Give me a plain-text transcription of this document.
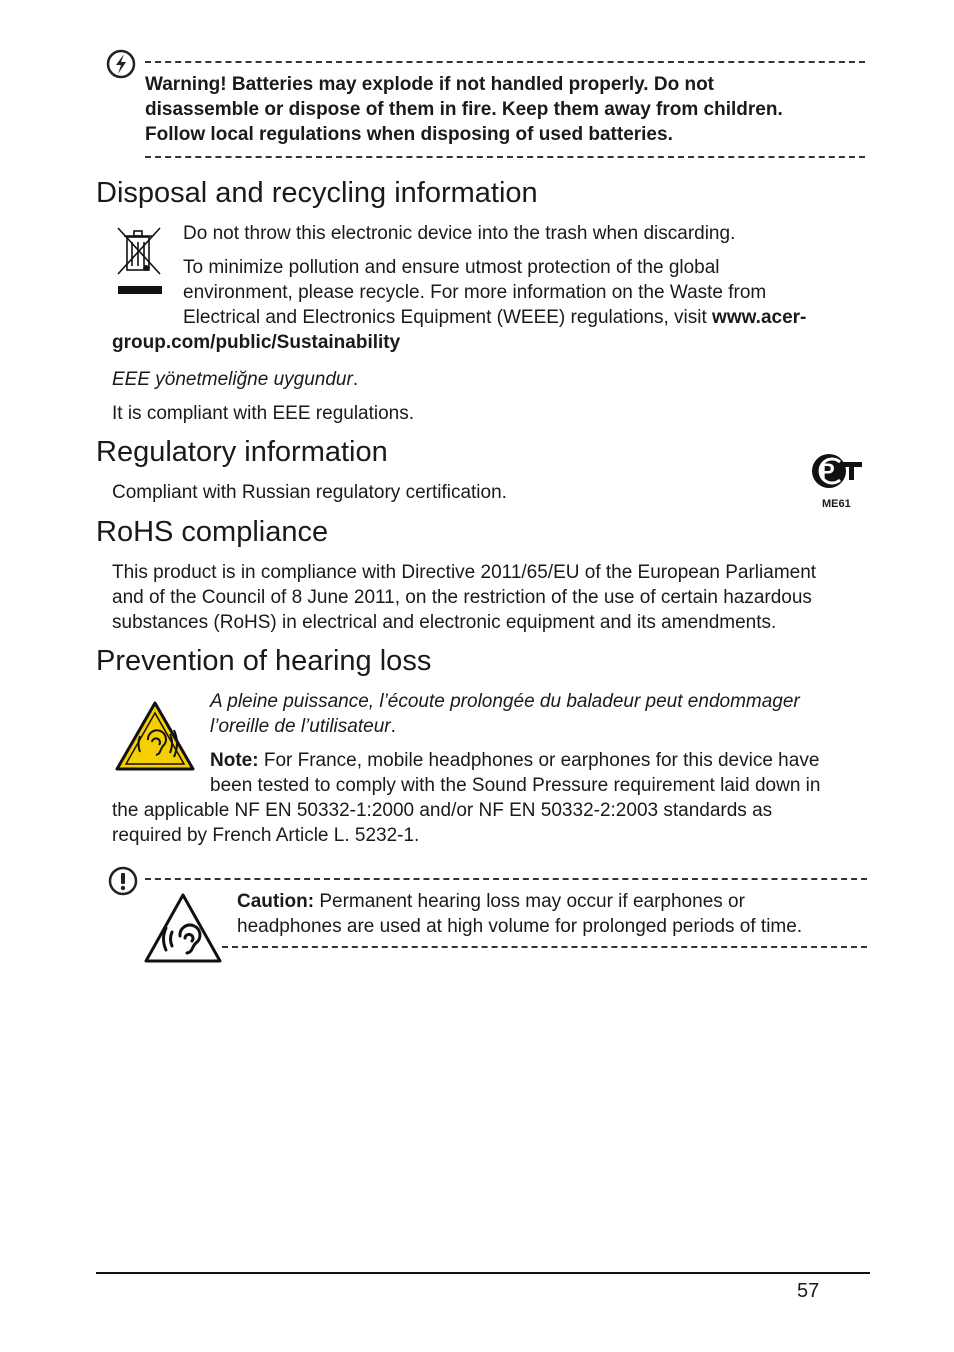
Warning! Batteries may explode if not handled properly. Do not
disassemble or dispose of them in fire. Keep them away from children.
Follow local regulations when disposing of used batteries.
Disposal and recycling information
Do not throw this electronic device into the trash when discarding.
To minimize pollution and ensure utmost protection of the global
environment, please recycle. For more information on the Waste from
Electrical and Electronics Equipment (WEEE) regulations, visit www.acer-
group.com/public/Sustainability
EEE yönetmeliğne uygundur.
It is compliant with EEE regulations.
Regulatory information
Compliant with Russian regulatory certification.
P
ME61
RoHS compliance
This product is in compliance with Directive 2011/65/EU of the European Parliament
and of the Council of 8 June 2011, on the restriction of the use of certain hazardous
substances (RoHS) in electrical and electronic equipment and its amendments.
Prevention of hearing loss
A pleine puissance, l’écoute prolongée du baladeur peut endommager
l’oreille de l’utilisateur.
Note: For France, mobile headphones or earphones for this device have
been tested to comply with the Sound Pressure requirement laid down in
the applicable NF EN 50332-1:2000 and/or NF EN 50332-2:2003 standards as
required by French Article L. 5232-1.
Caution: Permanent hearing loss may occur if earphones or
headphones are used at high volume for prolonged periods of time.
57
